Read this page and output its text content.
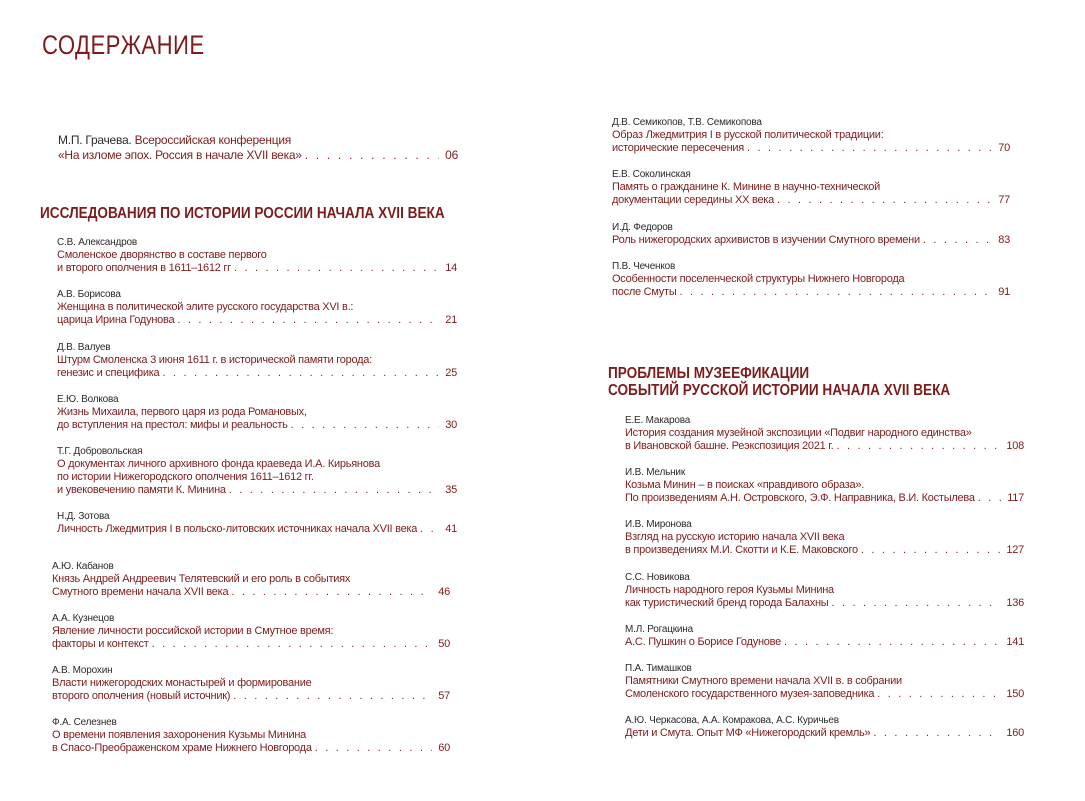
СОДЕРЖАНИЕ
М.П. Грачева. Всероссийская конференция
«На изломе эпох. Россия в начале XVII века» . . .	06
ИССЛЕДОВАНИЯ ПО ИСТОРИИ РОССИИ НАЧАЛА XVII ВЕКА
С.В. Александров
Смоленское дворянство в составе первого
и второго ополчения в 1611–1612 гг . . .	14
А.В. Борисова
Женщина в политической элите русского государства XVI в.:
царица Ирина Годунова . . .	21
Д.В. Валуев
Штурм Смоленска 3 июня 1611 г. в исторической памяти города:
генезис и специфика . . .	25
Е.Ю. Волкова
Жизнь Михаила, первого царя из рода Романовых,
до вступления на престол: мифы и реальность . . .	30
Т.Г. Добровольская
О документах личного архивного фонда краеведа И.А. Кирьянова
по истории Нижегородского ополчения 1611–1612 гг.
и увековечению памяти К. Минина . . .	35
Н.Д. Зотова
Личность Лжедмитрия I в польско-литовских источниках начала XVII века . . .	41
А.Ю. Кабанов
Князь Андрей Андреевич Телятевский и его роль в событиях
Смутного времени начала XVII века . . .	46
А.А. Кузнецов
Явление личности российской истории в Смутное время:
факторы и контекст . . .	50
А.В. Морохин
Власти нижегородских монастырей и формирование
второго ополчения (новый источник) . . .	57
Ф.А. Селезнев
О времени появления захоронения Кузьмы Минина
в Спасо-Преображенском храме Нижнего Новгорода . . .	60
Д.В. Семикопов, Т.В. Семикопова
Образ Лжедмитрия I в русской политической традиции:
исторические пересечения . . .	70
Е.В. Соколинская
Память о гражданине К. Минине в научно-технической
документации середины XX века . . .	77
И.Д. Федоров
Роль нижегородских архивистов в изучении Смутного времени . . .	83
П.В. Чеченков
Особенности поселенческой структуры Нижнего Новгорода
после Смуты . . .	91
ПРОБЛЕМЫ МУЗЕЕФИКАЦИИ
СОБЫТИЙ РУССКОЙ ИСТОРИИ НАЧАЛА XVII ВЕКА
Е.Е. Макарова
История создания музейной экспозиции «Подвиг народного единства»
в Ивановской башне. Реэкспозиция 2021 г. . . .	108
И.В. Мельник
Козьма Минин – в поисках «правдивого образа».
По произведениям А.Н. Островского, Э.Ф. Направника, В.И. Костылева . . .	117
И.В. Миронова
Взгляд на русскую историю начала XVII века
в произведениях М.И. Скотти и К.Е. Маковского . . .	127
С.С. Новикова
Личность народного героя Кузьмы Минина
как туристический бренд города Балахны . . .	136
М.Л. Рогацкина
А.С. Пушкин о Борисе Годунове . . .	141
П.А. Тимашков
Памятники Смутного времени начала XVII в. в собрании
Смоленского государственного музея-заповедника . . .	150
А.Ю. Черкасова, А.А. Комракова, А.С. Куричьев
Дети и Смута. Опыт МФ «Нижегородский кремль» . . .	160
